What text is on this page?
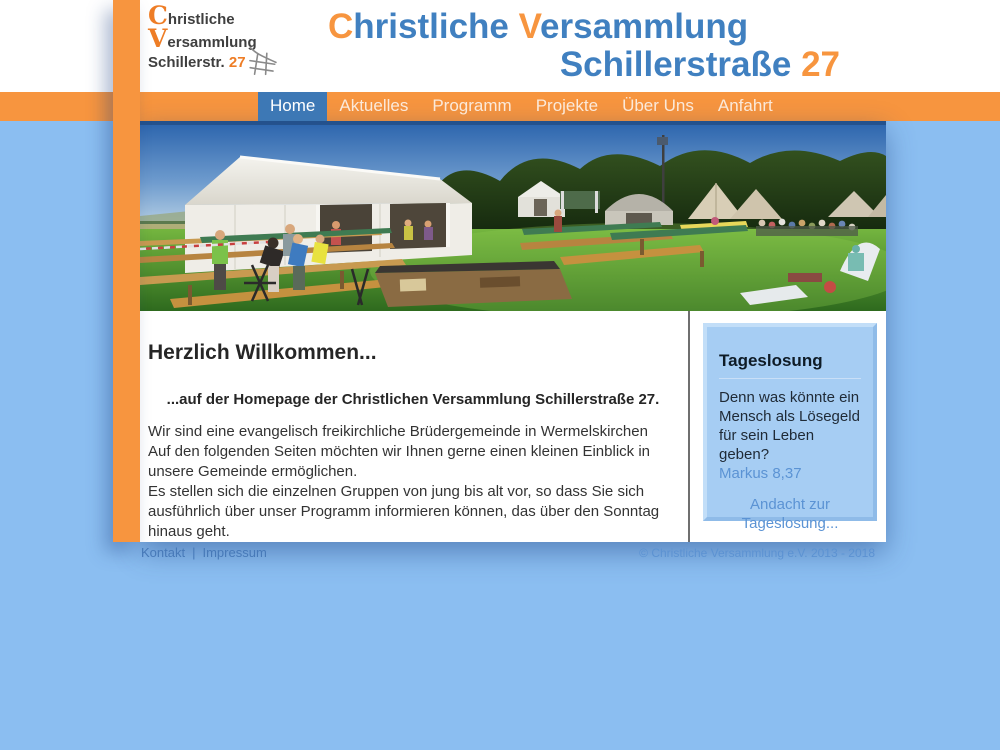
Christliche
Versammlung
Schillerstr. 27
Christliche Versammlung
Schillerstraße 27
Home	Aktuelles	Programm	Projekte	Über Uns	Anfahrt
Herzlich Willkommen...
...auf der Homepage der Christlichen Versammlung Schillerstraße 27.

Wir sind eine evangelisch freikirchliche Brüdergemeinde in Wermelskirchen

Auf den folgenden Seiten möchten wir Ihnen gerne einen kleinen Einblick in unsere Gemeinde ermöglichen.

Es stellen sich die einzelnen Gruppen von jung bis alt vor, so dass Sie sich ausführlich über unser Programm informieren können, das über den Sonntag hinaus geht.

Tageslosung
Denn was könnte ein Mensch als Lösegeld für sein Leben geben?
Markus 8,37
Andacht zur Tageslosung...
Kontakt | Impressum	© Christliche Versammlung e.V. 2013 - 2018
